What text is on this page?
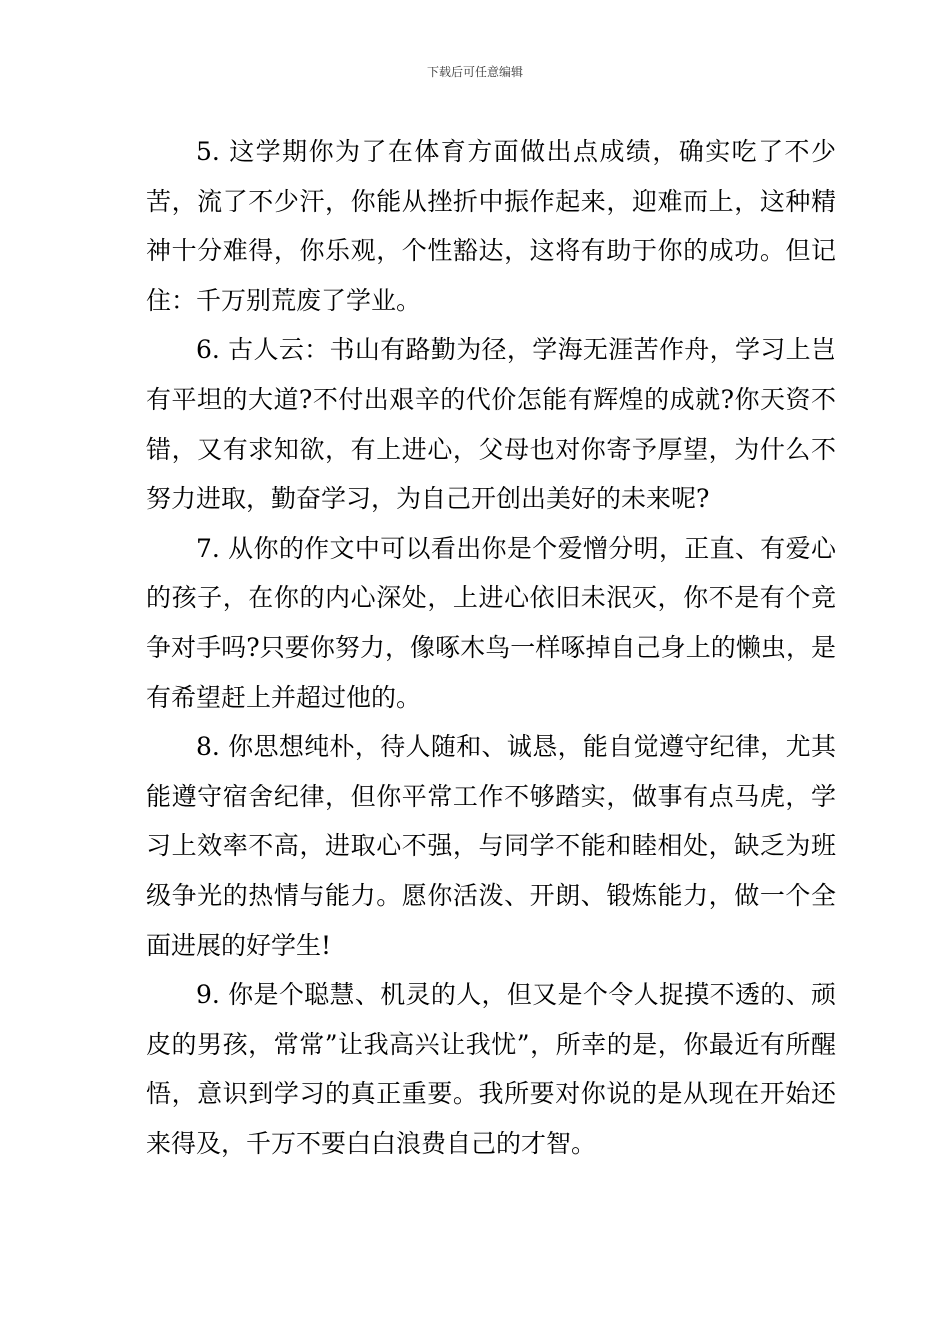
下载后可任意编辑

5. 这学期你为了在体育方面做出点成绩，确实吃了不少苦，流了不少汗，你能从挫折中振作起来，迎难而上，这种精神十分难得，你乐观，个性豁达，这将有助于你的成功。但记住：千万别荒废了学业。

6. 古人云：书山有路勤为径，学海无涯苦作舟，学习上岂有平坦的大道?不付出艰辛的代价怎能有辉煌的成就?你天资不错，又有求知欲，有上进心，父母也对你寄予厚望，为什么不努力进取，勤奋学习，为自己开创出美好的未来呢?

7. 从你的作文中可以看出你是个爱憎分明，正直、有爱心的孩子，在你的内心深处，上进心依旧未泯灭，你不是有个竞争对手吗?只要你努力，像啄木鸟一样啄掉自己身上的懒虫，是有希望赶上并超过他的。

8. 你思想纯朴，待人随和、诚恳，能自觉遵守纪律，尤其能遵守宿舍纪律，但你平常工作不够踏实，做事有点马虎，学习上效率不高，进取心不强，与同学不能和睦相处，缺乏为班级争光的热情与能力。愿你活泼、开朗、锻炼能力，做一个全面进展的好学生!

9. 你是个聪慧、机灵的人，但又是个令人捉摸不透的、顽皮的男孩，常常”让我高兴让我忧”，所幸的是，你最近有所醒悟，意识到学习的真正重要。我所要对你说的是从现在开始还来得及，千万不要白白浪费自己的才智。
